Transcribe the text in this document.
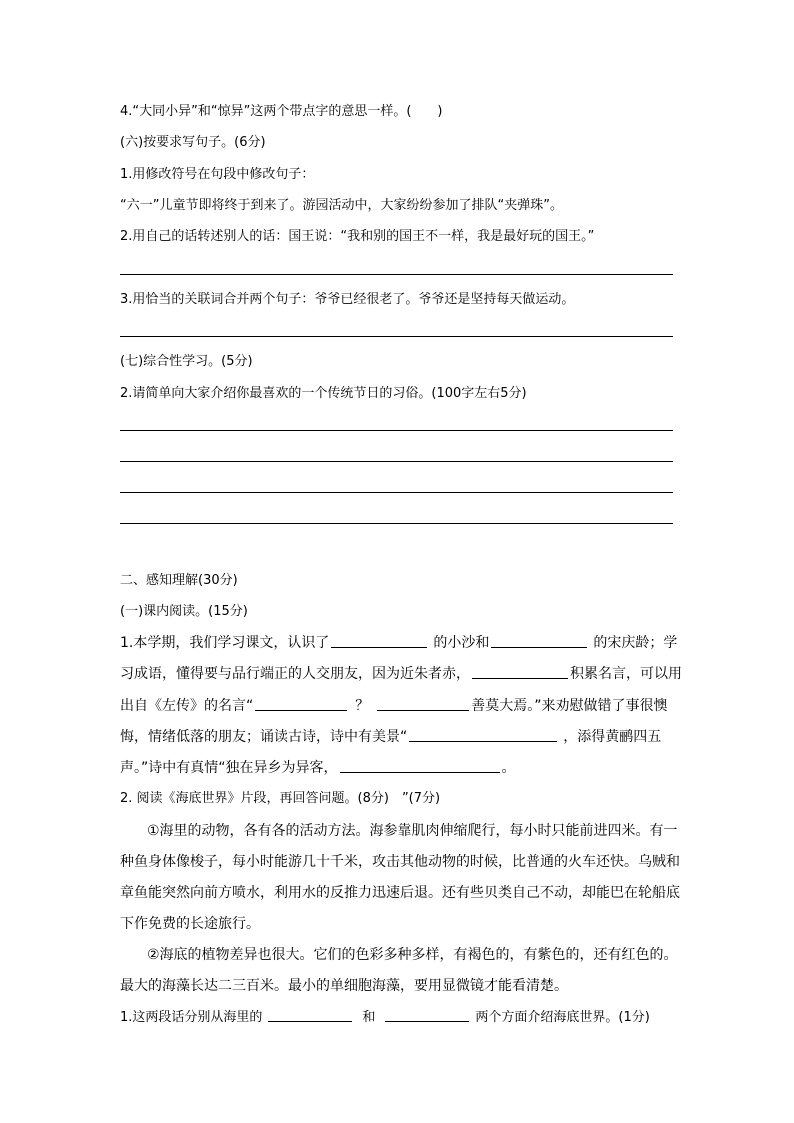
4.“大同小异”和“惊异”这两个带点字的意思一样。(　　)
(六)按要求写句子。(6分)
1.用修改符号在句段中修改句子：
“六一”儿童节即将终于到来了。游园活动中，大家纷纷参加了排队“夹弹珠”。
2.用自己的话转述别人的话：国王说：“我和别的国王不一样，我是最好玩的国王。”
3.用恰当的关联词合并两个句子：爷爷已经很老了。爷爷还是坚持每天做运动。
(七)综合性学习。(5分)
2.请简单向大家介绍你最喜欢的一个传统节日的习俗。(100字左右5分)
二、感知理解(30分)
(一)课内阅读。(15分)
1.本学期，我们学习课文，认识了	的小沙和	的宋庆龄；学
习成语，懂得要与品行端正的人交朋友，因为近朱者赤，	积累名言，可以用
出自《左传》的名言“	？	善莫大焉。”来劝慰做错了事很懊
悔，情绪低落的朋友；诵读古诗，诗中有美景“	，添得黄鹂四五
声。”诗中有真情“独在异乡为异客，	。
2. 阅读《海底世界》片段，再回答问题。(8分)　”(7分)
①海里的动物，各有各的活动方法。海参靠肌肉伸缩爬行，每小时只能前进四米。有一
种鱼身体像梭子，每小时能游几十千米，攻击其他动物的时候，比普通的火车还快。乌贼和
章鱼能突然向前方喷水，利用水的反推力迅速后退。还有些贝类自己不动，却能巴在轮船底
下作免费的长途旅行。
②海底的植物差异也很大。它们的色彩多种多样，有褐色的，有紫色的，还有红色的。
最大的海藻长达二三百米。最小的单细胞海藻，要用显微镜才能看清楚。
1.这两段话分别从海里的	和	两个方面介绍海底世界。(1分)
